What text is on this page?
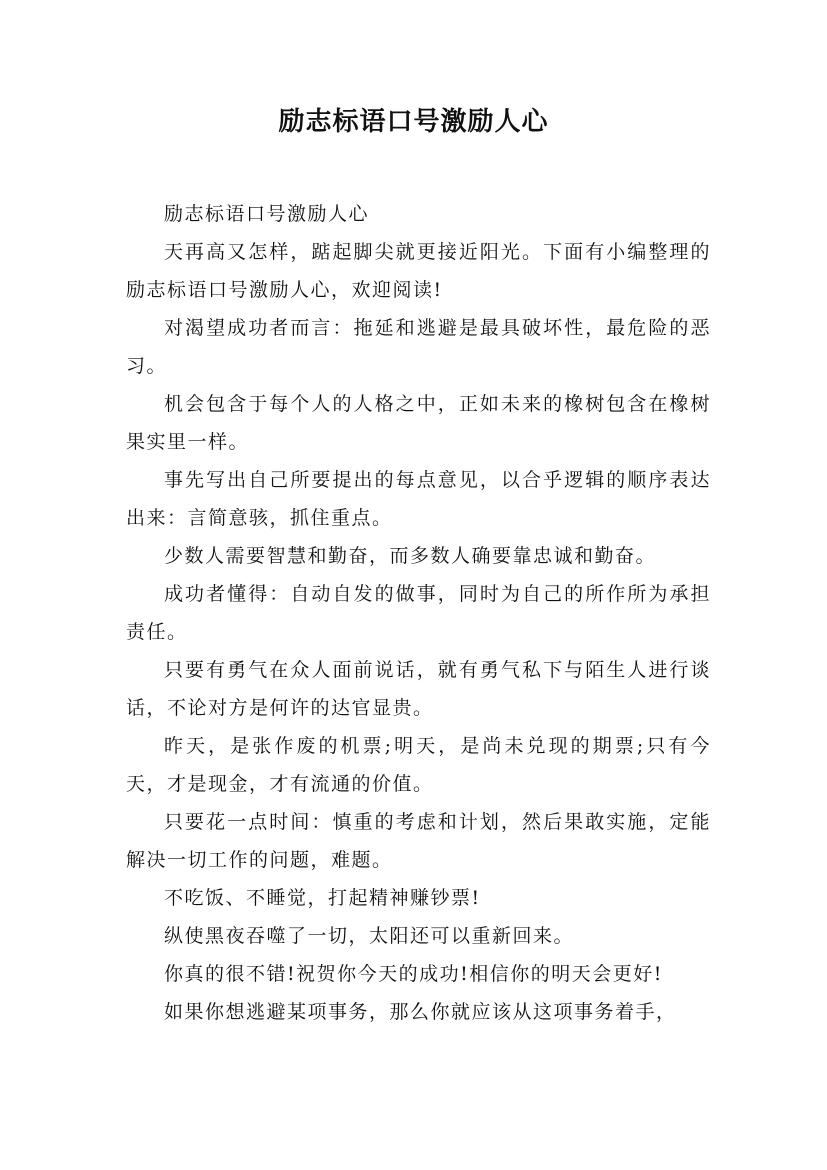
励志标语口号激励人心

励志标语口号激励人心

天再高又怎样，踮起脚尖就更接近阳光。下面有小编整理的励志标语口号激励人心，欢迎阅读!

对渴望成功者而言：拖延和逃避是最具破坏性，最危险的恶习。

机会包含于每个人的人格之中，正如未来的橡树包含在橡树果实里一样。

事先写出自己所要提出的每点意见，以合乎逻辑的顺序表达出来：言简意骇，抓住重点。

少数人需要智慧和勤奋，而多数人确要靠忠诚和勤奋。

成功者懂得：自动自发的做事，同时为自己的所作所为承担责任。

只要有勇气在众人面前说话，就有勇气私下与陌生人进行谈话，不论对方是何许的达官显贵。

昨天，是张作废的机票;明天，是尚未兑现的期票;只有今天，才是现金，才有流通的价值。

只要花一点时间：慎重的考虑和计划，然后果敢实施，定能解决一切工作的问题，难题。

不吃饭、不睡觉，打起精神赚钞票!

纵使黑夜吞噬了一切，太阳还可以重新回来。

你真的很不错!祝贺你今天的成功!相信你的明天会更好!

如果你想逃避某项事务，那么你就应该从这项事务着手，
